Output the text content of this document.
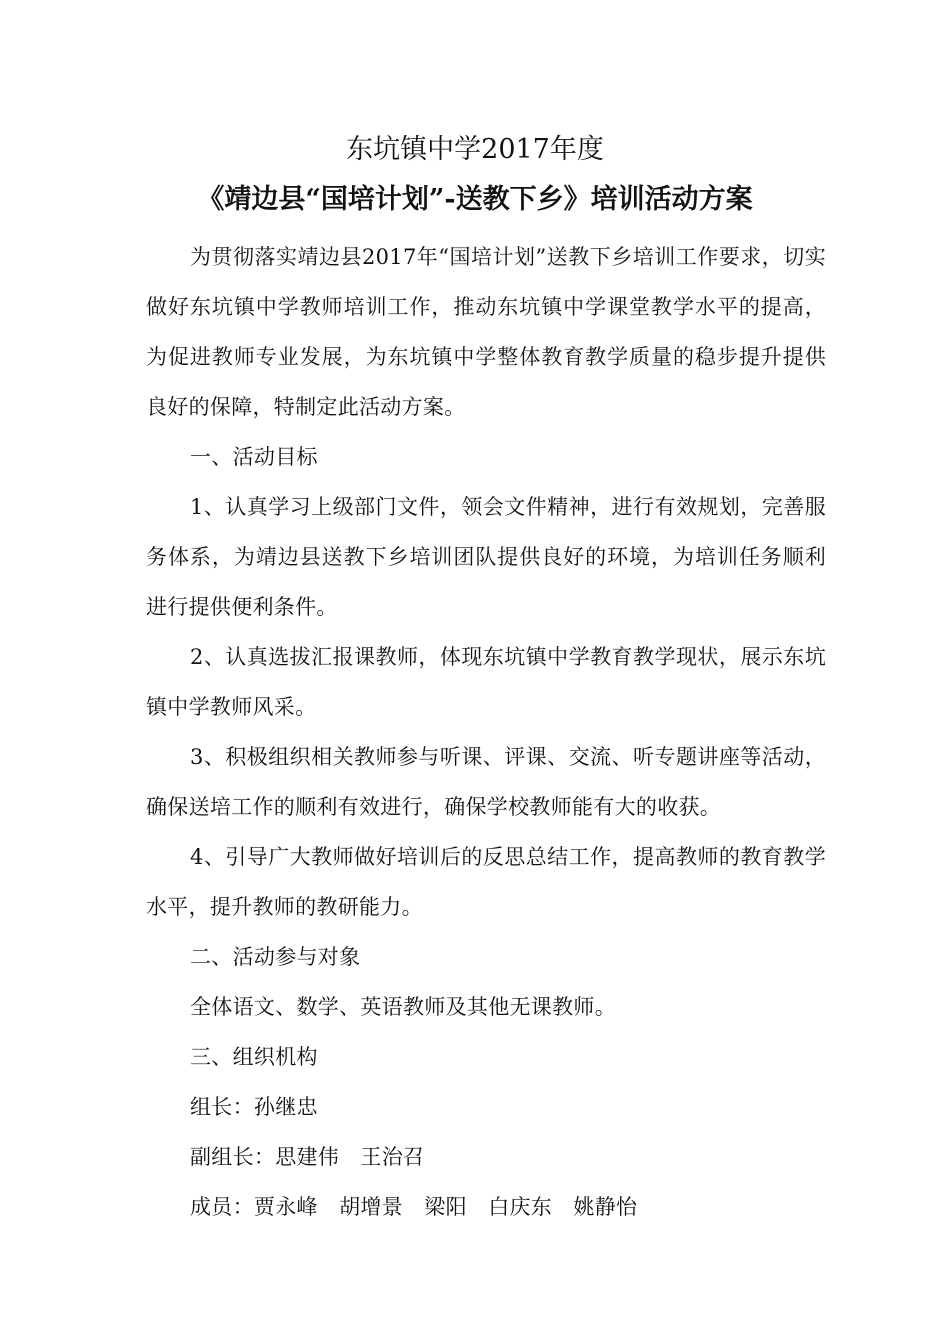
东坑镇中学2017年度
《靖边县“国培计划”-送教下乡》培训活动方案

为贯彻落实靖边县2017年“国培计划”送教下乡培训工作要求，切实做好东坑镇中学教师培训工作，推动东坑镇中学课堂教学水平的提高，为促进教师专业发展，为东坑镇中学整体教育教学质量的稳步提升提供良好的保障，特制定此活动方案。

一、活动目标

1、认真学习上级部门文件，领会文件精神，进行有效规划，完善服务体系，为靖边县送教下乡培训团队提供良好的环境，为培训任务顺利进行提供便利条件。

2、认真选拔汇报课教师，体现东坑镇中学教育教学现状，展示东坑镇中学教师风采。

3、积极组织相关教师参与听课、评课、交流、听专题讲座等活动，确保送培工作的顺利有效进行，确保学校教师能有大的收获。

4、引导广大教师做好培训后的反思总结工作，提高教师的教育教学水平，提升教师的教研能力。

二、活动参与对象

全体语文、数学、英语教师及其他无课教师。

三、组织机构

组长：孙继忠

副组长：思建伟　王治召

成员：贾永峰　胡增景　梁阳　白庆东　姚静怡
